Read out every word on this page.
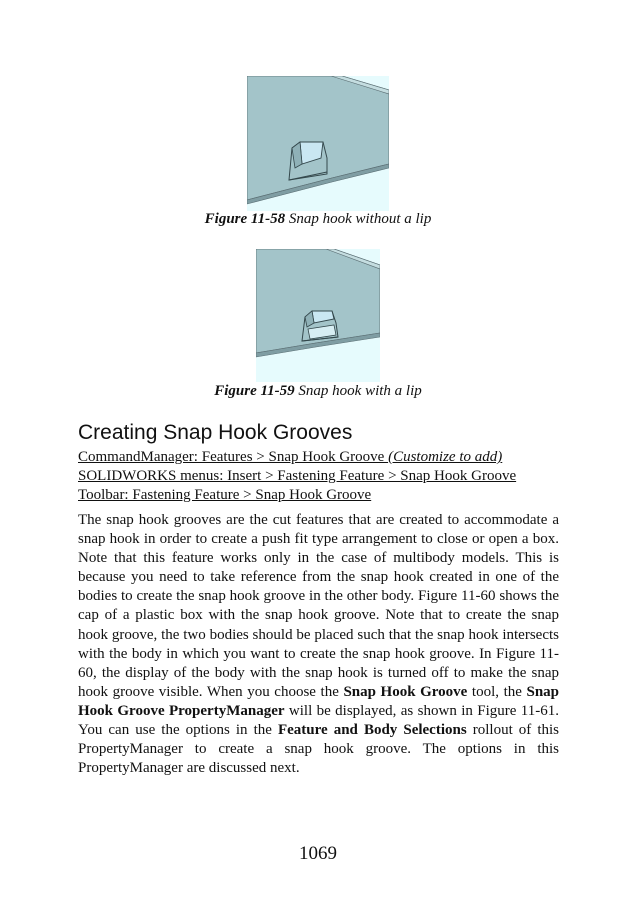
Figure 11-58 Snap hook without a lip
Figure 11-59 Snap hook with a lip
Creating Snap Hook Grooves
CommandManager: Features > Snap Hook Groove (Customize to add)
SOLIDWORKS menus: Insert > Fastening Feature > Snap Hook Groove
Toolbar: Fastening Feature > Snap Hook Groove

The snap hook grooves are the cut features that are created to accommodate a snap hook in order to create a push fit type arrangement to close or open a box. Note that this feature works only in the case of multibody models. This is because you need to take reference from the snap hook created in one of the bodies to create the snap hook groove in the other body. Figure 11-60 shows the cap of a plastic box with the snap hook groove. Note that to create the snap hook groove, the two bodies should be placed such that the snap hook intersects with the body in which you want to create the snap hook groove. In Figure 11-60, the display of the body with the snap hook is turned off to make the snap hook groove visible. When you choose the Snap Hook Groove tool, the Snap Hook Groove PropertyManager will be displayed, as shown in Figure 11-61. You can use the options in the Feature and Body Selections rollout of this PropertyManager to create a snap hook groove. The options in this PropertyManager are discussed next.

1069
